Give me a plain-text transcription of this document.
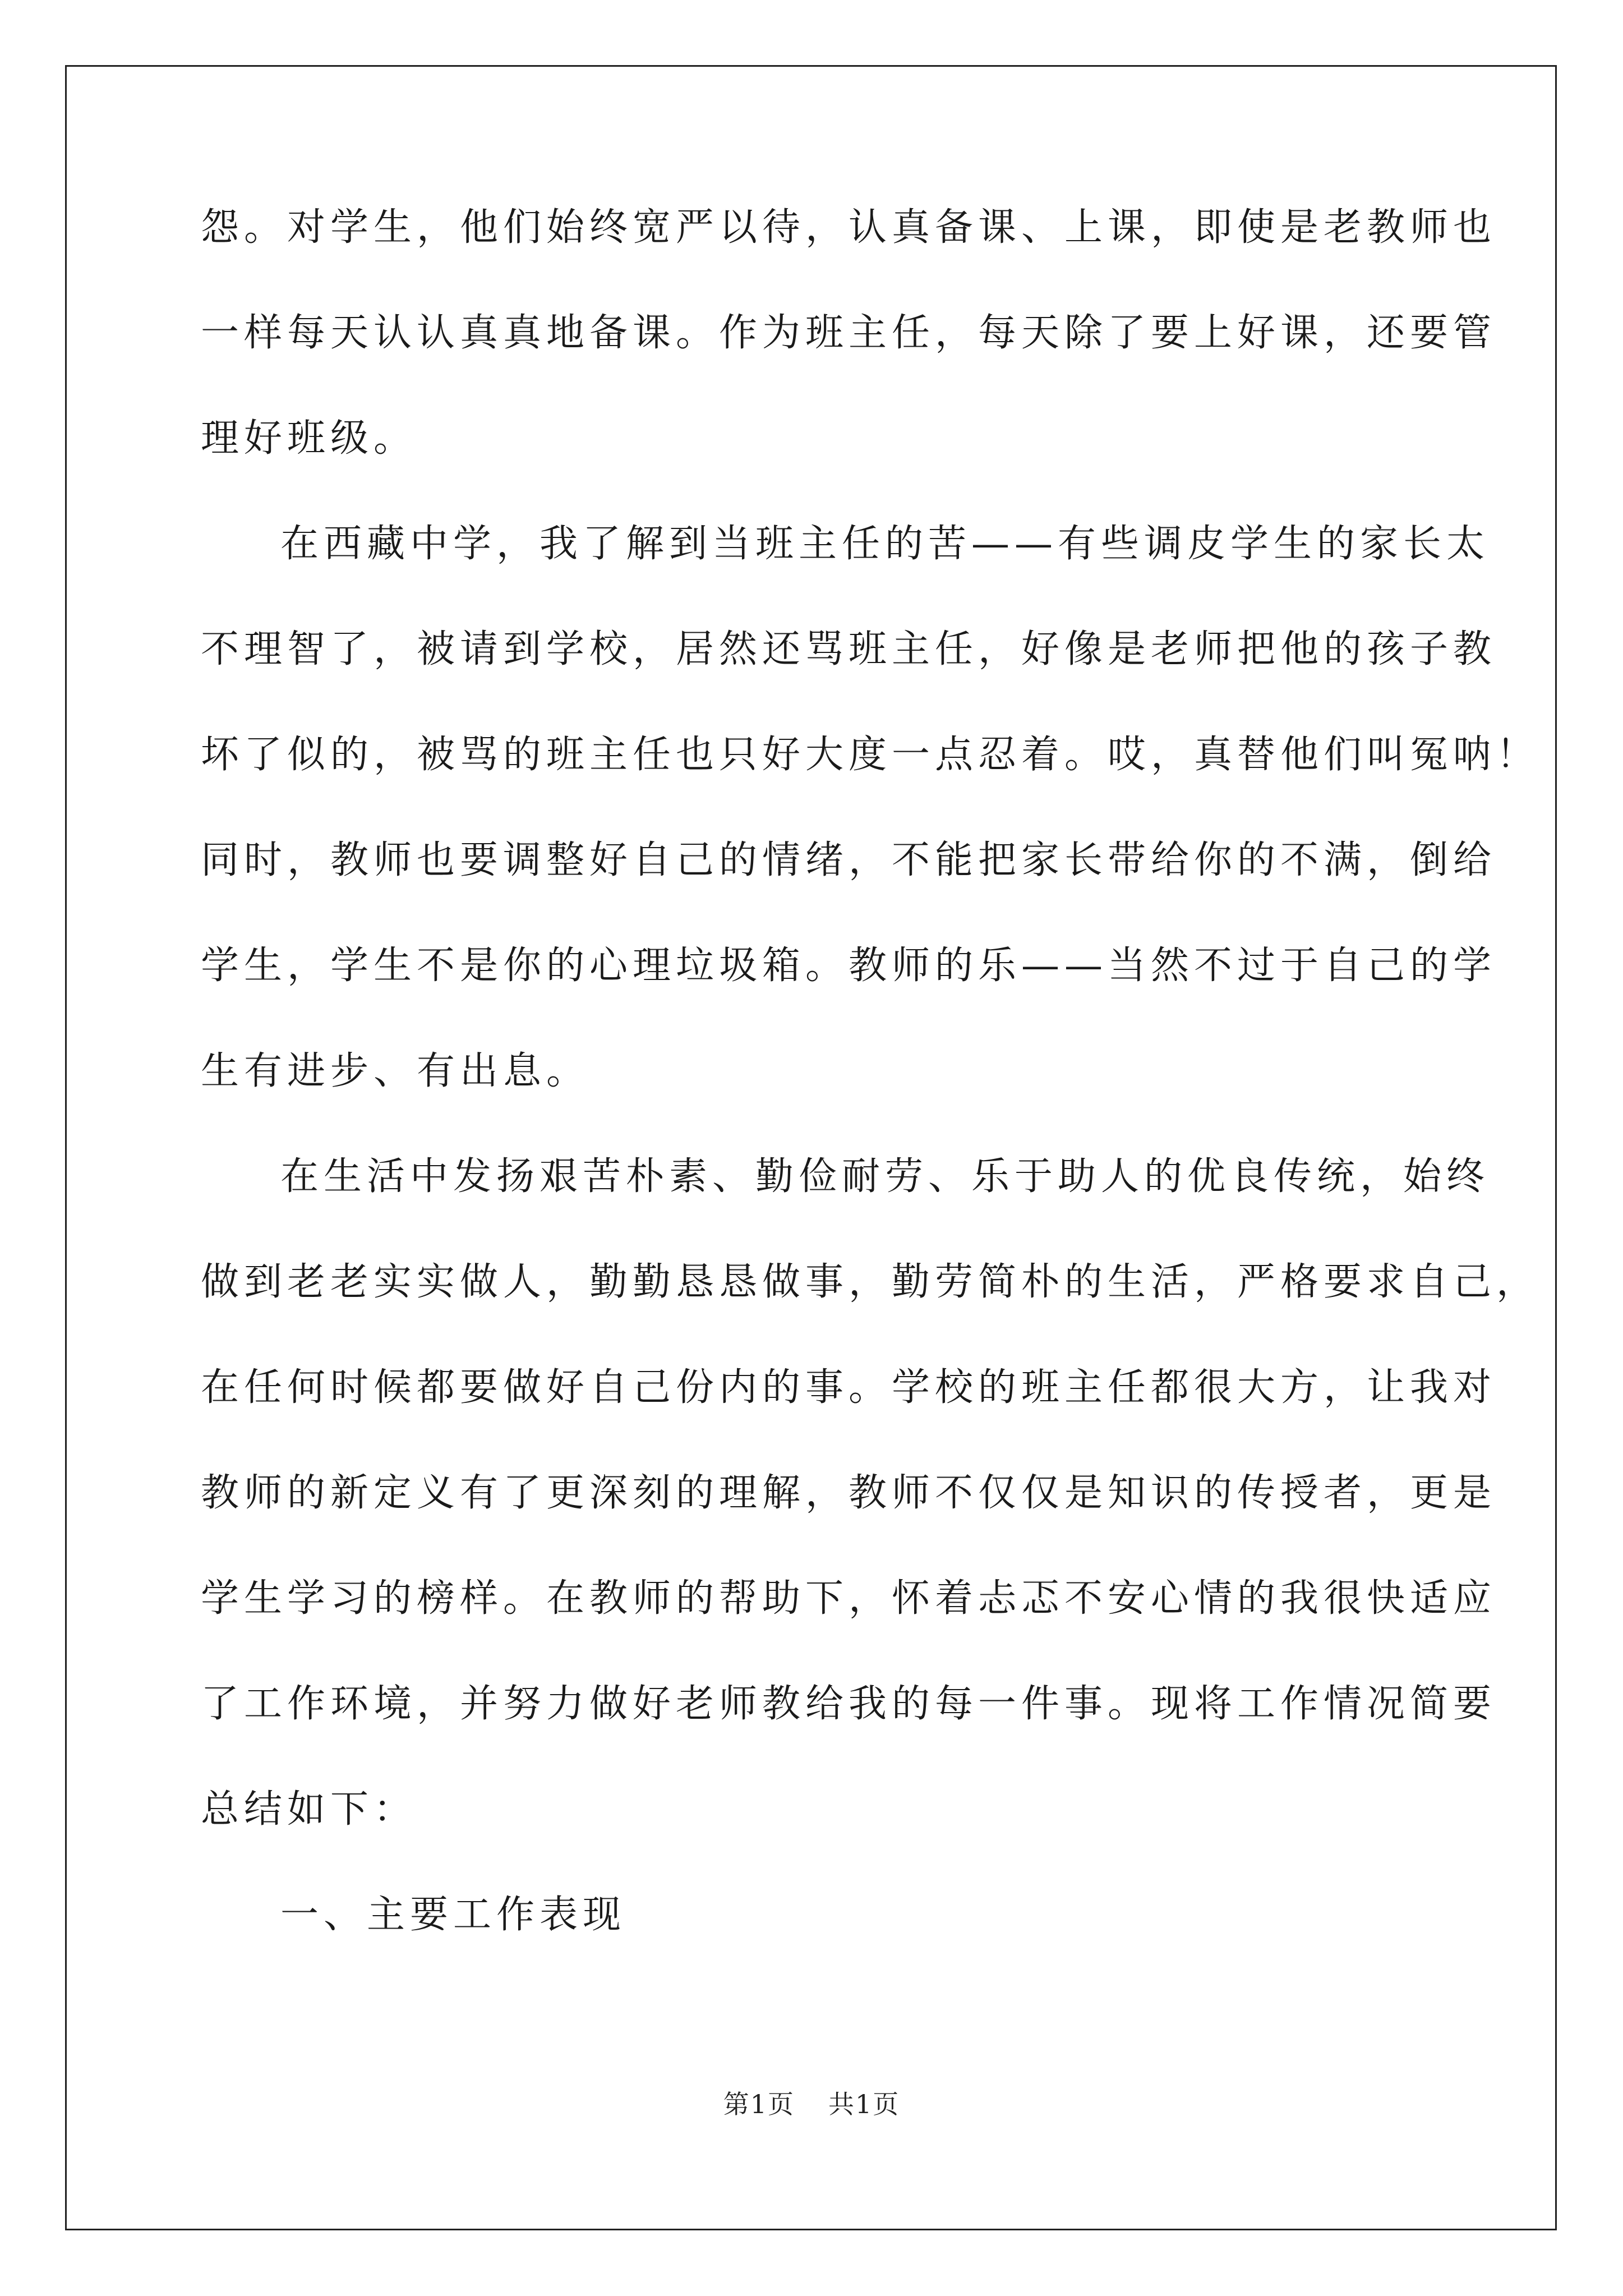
怨。对学生，他们始终宽严以待，认真备课、上课，即使是老教师也
一样每天认认真真地备课。作为班主任，每天除了要上好课，还要管
理好班级。
在西藏中学，我了解到当班主任的苦——有些调皮学生的家长太
不理智了，被请到学校，居然还骂班主任，好像是老师把他的孩子教
坏了似的，被骂的班主任也只好大度一点忍着。哎，真替他们叫冤呐！
同时，教师也要调整好自己的情绪，不能把家长带给你的不满，倒给
学生，学生不是你的心理垃圾箱。教师的乐——当然不过于自己的学
生有进步、有出息。
在生活中发扬艰苦朴素、勤俭耐劳、乐于助人的优良传统，始终
做到老老实实做人，勤勤恳恳做事，勤劳简朴的生活，严格要求自己，
在任何时候都要做好自己份内的事。学校的班主任都很大方，让我对
教师的新定义有了更深刻的理解，教师不仅仅是知识的传授者，更是
学生学习的榜样。在教师的帮助下，怀着忐忑不安心情的我很快适应
了工作环境，并努力做好老师教给我的每一件事。现将工作情况简要
总结如下：
一、主要工作表现
第1页 共1页
